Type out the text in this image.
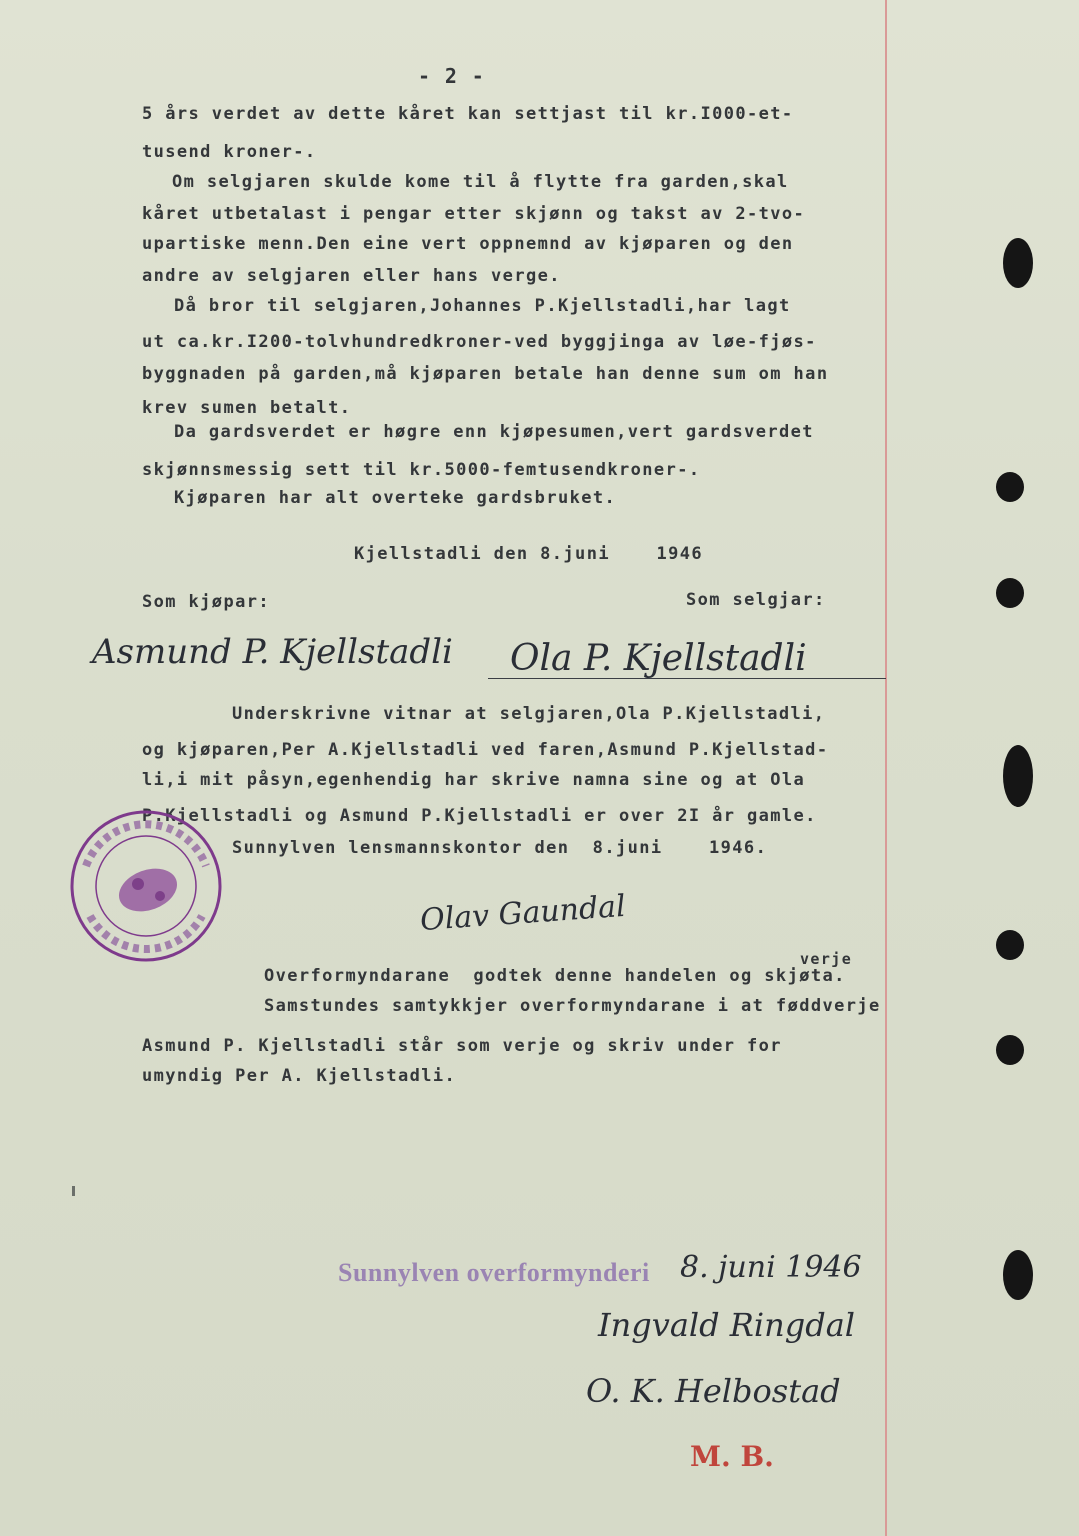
- 2 -
5 års verdet av dette kåret kan settjast til kr.I000-et-
tusend kroner-.
Om selgjaren skulde kome til å flytte fra garden,skal
kåret utbetalast i pengar etter skjønn og takst av 2-tvo-
upartiske menn.Den eine vert oppnemnd av kjøparen og den
andre av selgjaren eller hans verge.
Då bror til selgjaren,Johannes P.Kjellstadli,har lagt
ut ca.kr.I200-tolvhundredkroner-ved byggjinga av løe-fjøs-
byggnaden på garden,må kjøparen betale han denne sum om han
krev sumen betalt.
Da gardsverdet er høgre enn kjøpesumen,vert gardsverdet
skjønnsmessig sett til kr.5000-femtusendkroner-.
Kjøparen har alt overteke gardsbruket.
Kjellstadli den 8.juni    1946
Som kjøpar:	Som selgjar:
Asmund P. Kjellstadli Ola P. Kjellstadli
Underskrivne vitnar at selgjaren,Ola P.Kjellstadli,
og kjøparen,Per A.Kjellstadli ved faren,Asmund P.Kjellstad-
li,i mit påsyn,egenhendig har skrive namna sine og at Ola
P.Kjellstadli og Asmund P.Kjellstadli er over 2I år gamle.
Sunnylven lensmannskontor den  8.juni    1946.
Olav Gaundal
Overformyndarane  godtek denne handelen og skjøta.
verje
Samstundes samtykkjer overformyndarane i at føddverje
Asmund P. Kjellstadli står som verje og skriv under for
umyndig Per A. Kjellstadli.
Sunnylven overformynderi 8. juni 1946
Ingvald Ringdal
O. K. Helbostad
M. B.
